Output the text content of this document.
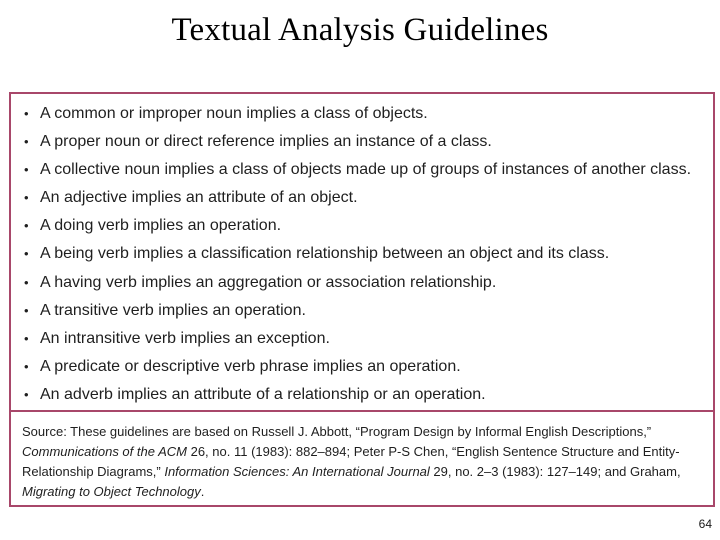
Textual Analysis Guidelines
• A common or improper noun implies a class of objects.
• A proper noun or direct reference implies an instance of a class.
• A collective noun implies a class of objects made up of groups of instances of another class.
• An adjective implies an attribute of an object.
• A doing verb implies an operation.
• A being verb implies a classification relationship between an object and its class.
• A having verb implies an aggregation or association relationship.
• A transitive verb implies an operation.
• An intransitive verb implies an exception.
• A predicate or descriptive verb phrase implies an operation.
• An adverb implies an attribute of a relationship or an operation.

Source: These guidelines are based on Russell J. Abbott, “Program Design by Informal English Descriptions,” Communications of the ACM 26, no. 11 (1983): 882–894; Peter P-S Chen, “English Sentence Structure and Entity-Relationship Diagrams,” Information Sciences: An International Journal 29, no. 2–3 (1983): 127–149; and Graham, Migrating to Object Technology.

64
